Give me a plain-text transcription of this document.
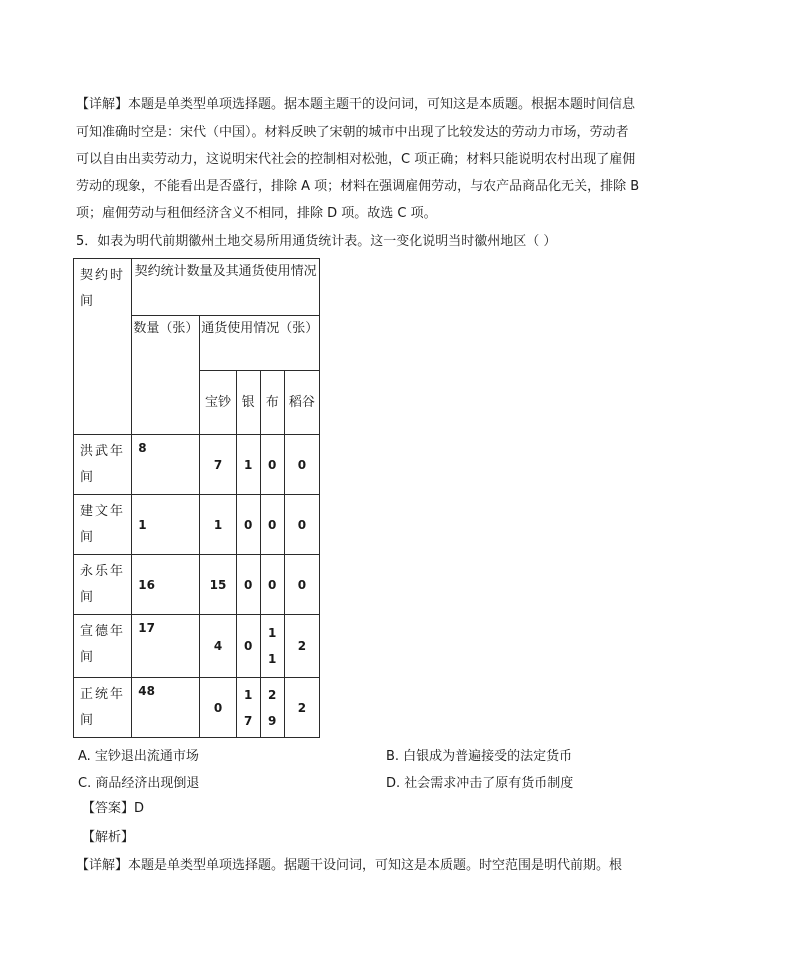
【详解】本题是单类型单项选择题。据本题主题干的设问词，可知这是本质题。根据本题时间信息
可知准确时空是：宋代（中国）。材料反映了宋朝的城市中出现了比较发达的劳动力市场，劳动者
可以自由出卖劳动力，这说明宋代社会的控制相对松弛，C 项正确；材料只能说明农村出现了雇佣
劳动的现象，不能看出是否盛行，排除 A 项；材料在强调雇佣劳动，与农产品商品化无关，排除 B
项；雇佣劳动与租佃经济含义不相同，排除 D 项。故选 C 项。
5．如表为明代前期徽州土地交易所用通货统计表。这一变化说明当时徽州地区（ ）
契约时间	契约统计数量及其通货使用情况				
	数量（张）	通货使用情况（张）			
		宝钞	银	布	稻谷
洪武年间	8	7	1	0	0
建文年间	1	1	0	0	0
永乐年间	16	15	0	0	0
宣德年间	17	4	0	11	2
正统年间	48	0	17	29	2
A. 宝钞退出流通市场	B. 白银成为普遍接受的法定货币
C. 商品经济出现倒退	D. 社会需求冲击了原有货币制度
【答案】D
【解析】
【详解】本题是单类型单项选择题。据题干设问词，可知这是本质题。时空范围是明代前期。根
